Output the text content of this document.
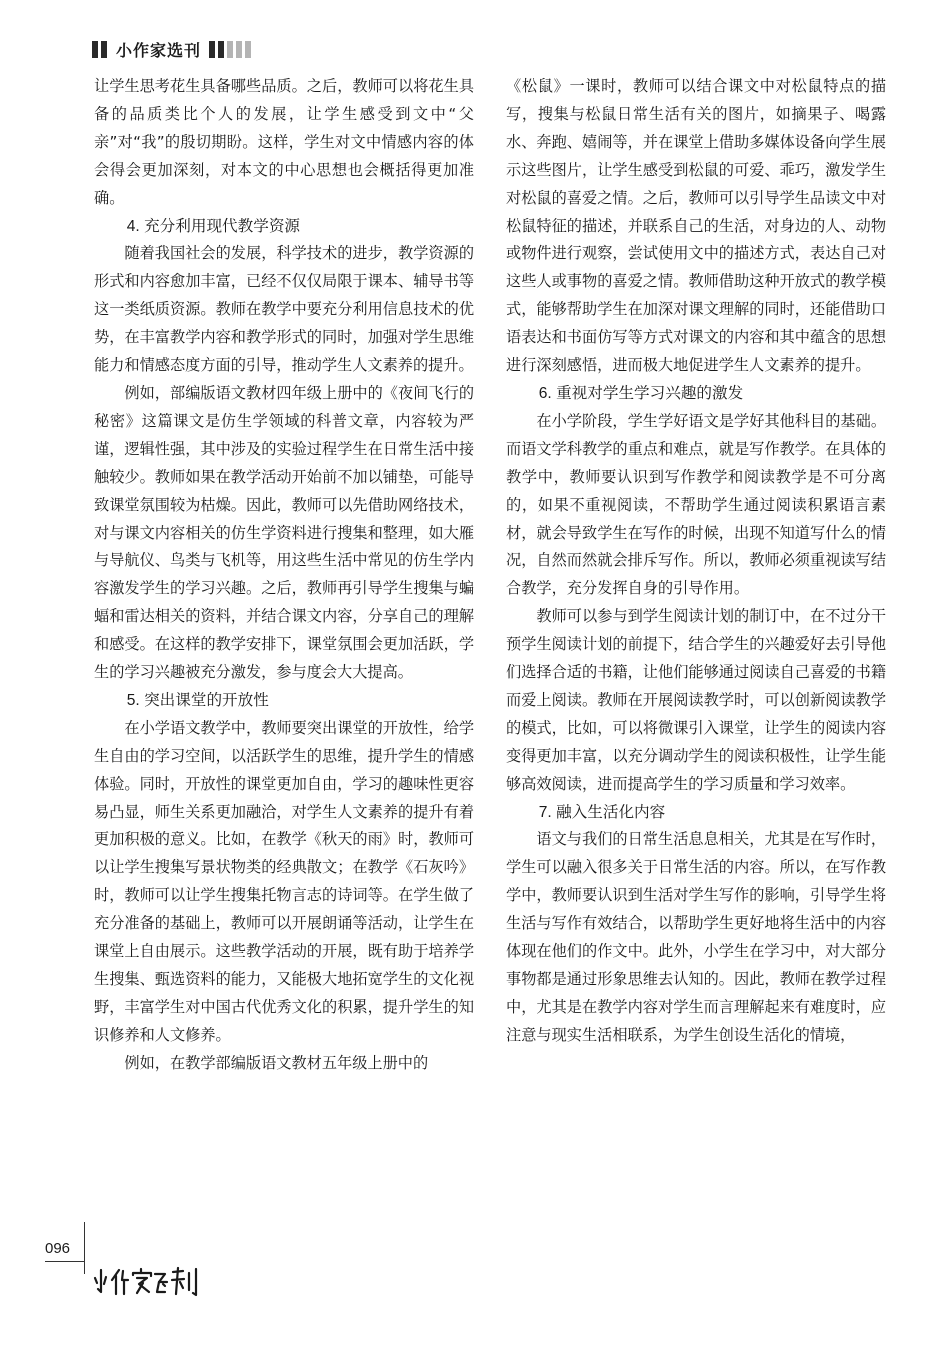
小作家选刊

让学生思考花生具备哪些品质。之后，教师可以将花生具备的品质类比个人的发展，让学生感受到文中“父亲”对“我”的殷切期盼。这样，学生对文中情感内容的体会得会更加深刻，对本文的中心思想也会概括得更加准确。

4. 充分利用现代教学资源

随着我国社会的发展，科学技术的进步，教学资源的形式和内容愈加丰富，已经不仅仅局限于课本、辅导书等这一类纸质资源。教师在教学中要充分利用信息技术的优势，在丰富教学内容和教学形式的同时，加强对学生思维能力和情感态度方面的引导，推动学生人文素养的提升。

例如，部编版语文教材四年级上册中的《夜间飞行的秘密》这篇课文是仿生学领域的科普文章，内容较为严谨，逻辑性强，其中涉及的实验过程学生在日常生活中接触较少。教师如果在教学活动开始前不加以铺垫，可能导致课堂氛围较为枯燥。因此，教师可以先借助网络技术，对与课文内容相关的仿生学资料进行搜集和整理，如大雁与导航仪、鸟类与飞机等，用这些生活中常见的仿生学内容激发学生的学习兴趣。之后，教师再引导学生搜集与蝙蝠和雷达相关的资料，并结合课文内容，分享自己的理解和感受。在这样的教学安排下，课堂氛围会更加活跃，学生的学习兴趣被充分激发，参与度会大大提高。

5. 突出课堂的开放性

在小学语文教学中，教师要突出课堂的开放性，给学生自由的学习空间，以活跃学生的思维，提升学生的情感体验。同时，开放性的课堂更加自由，学习的趣味性更容易凸显，师生关系更加融洽，对学生人文素养的提升有着更加积极的意义。比如，在教学《秋天的雨》时，教师可以让学生搜集写景状物类的经典散文；在教学《石灰吟》时，教师可以让学生搜集托物言志的诗词等。在学生做了充分准备的基础上，教师可以开展朗诵等活动，让学生在课堂上自由展示。这些教学活动的开展，既有助于培养学生搜集、甄选资料的能力，又能极大地拓宽学生的文化视野，丰富学生对中国古代优秀文化的积累，提升学生的知识修养和人文修养。

例如，在教学部编版语文教材五年级上册中的

《松鼠》一课时，教师可以结合课文中对松鼠特点的描写，搜集与松鼠日常生活有关的图片，如摘果子、喝露水、奔跑、嬉闹等，并在课堂上借助多媒体设备向学生展示这些图片，让学生感受到松鼠的可爱、乖巧，激发学生对松鼠的喜爱之情。之后，教师可以引导学生品读文中对松鼠特征的描述，并联系自己的生活，对身边的人、动物或物件进行观察，尝试使用文中的描述方式，表达自己对这些人或事物的喜爱之情。教师借助这种开放式的教学模式，能够帮助学生在加深对课文理解的同时，还能借助口语表达和书面仿写等方式对课文的内容和其中蕴含的思想进行深刻感悟，进而极大地促进学生人文素养的提升。

6. 重视对学生学习兴趣的激发

在小学阶段，学生学好语文是学好其他科目的基础。而语文学科教学的重点和难点，就是写作教学。在具体的教学中，教师要认识到写作教学和阅读教学是不可分离的，如果不重视阅读，不帮助学生通过阅读积累语言素材，就会导致学生在写作的时候，出现不知道写什么的情况，自然而然就会排斥写作。所以，教师必须重视读写结合教学，充分发挥自身的引导作用。

教师可以参与到学生阅读计划的制订中，在不过分干预学生阅读计划的前提下，结合学生的兴趣爱好去引导他们选择合适的书籍，让他们能够通过阅读自己喜爱的书籍而爱上阅读。教师在开展阅读教学时，可以创新阅读教学的模式，比如，可以将微课引入课堂，让学生的阅读内容变得更加丰富，以充分调动学生的阅读积极性，让学生能够高效阅读，进而提高学生的学习质量和学习效率。

7. 融入生活化内容

语文与我们的日常生活息息相关，尤其是在写作时，学生可以融入很多关于日常生活的内容。所以，在写作教学中，教师要认识到生活对学生写作的影响，引导学生将生活与写作有效结合，以帮助学生更好地将生活中的内容体现在他们的作文中。此外，小学生在学习中，对大部分事物都是通过形象思维去认知的。因此，教师在教学过程中，尤其是在教学内容对学生而言理解起来有难度时，应注意与现实生活相联系，为学生创设生活化的情境，

096
